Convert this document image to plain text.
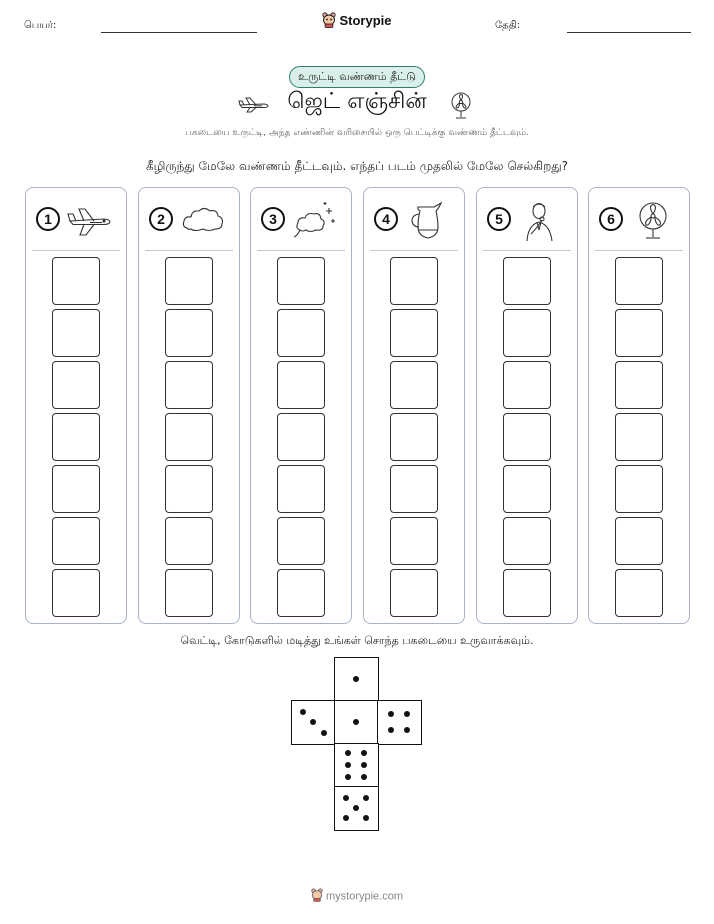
பெயர்:	Storypie	தேதி:
உருட்டி வண்ணம் தீட்டு
ஜெட் எஞ்சின்
பகடையை உருட்டி, அந்த எண்ணின் வரிசையில் ஒரு பெட்டிக்கு வண்ணம் தீட்டவும்.
கீழிருந்து மேலே வண்ணம் தீட்டவும். எந்தப் படம் முதலில் மேலே செல்கிறது?
1	2	3	4	5	6
வெட்டி, கோடுகளில் மடித்து உங்கள் சொந்த பகடையை உருவாக்கவும்.
mystorypie.com
